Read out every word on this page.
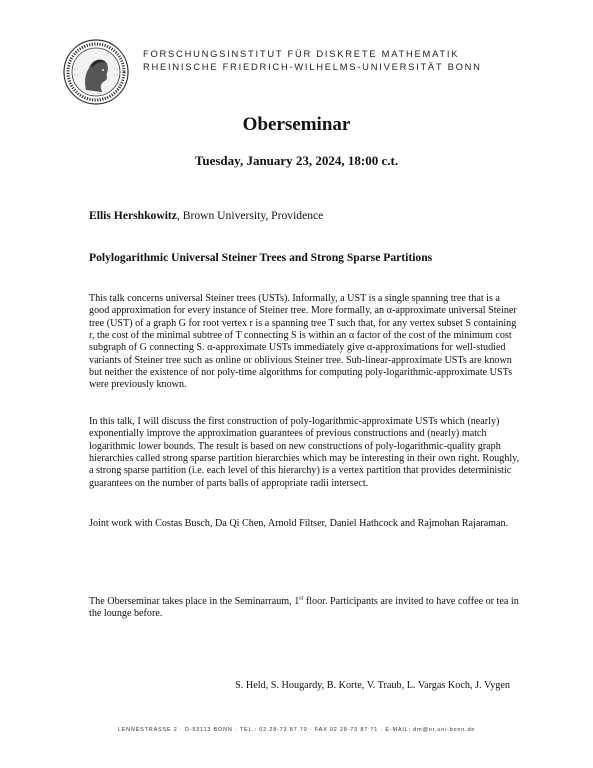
FORSCHUNGSINSTITUT FÜR DISKRETE MATHEMATIK
RHEINISCHE FRIEDRICH-WILHELMS-UNIVERSITÄT BONN
Oberseminar
Tuesday, January 23, 2024, 18:00 c.t.
Ellis Hershkowitz, Brown University, Providence
Polylogarithmic Universal Steiner Trees and Strong Sparse Partitions

This talk concerns universal Steiner trees (USTs). Informally, a UST is a single spanning tree that is a good approximation for every instance of Steiner tree. More formally, an α-approximate universal Steiner tree (UST) of a graph G for root vertex r is a spanning tree T such that, for any vertex subset S containing r, the cost of the minimal subtree of T connecting S is within an α factor of the cost of the minimum cost subgraph of G connecting S. α-approximate USTs immediately give α-approximations for well-studied variants of Steiner tree such as online or oblivious Steiner tree. Sub-linear-approximate USTs are known but neither the existence of nor poly-time algorithms for computing poly-logarithmic-approximate USTs were previously known.

In this talk, I will discuss the first construction of poly-logarithmic-approximate USTs which (nearly) exponentially improve the approximation guarantees of previous constructions and (nearly) match logarithmic lower bounds. The result is based on new constructions of poly-logarithmic-quality graph hierarchies called strong sparse partition hierarchies which may be interesting in their own right. Roughly, a strong sparse partition (i.e. each level of this hierarchy) is a vertex partition that provides deterministic guarantees on the number of parts balls of appropriate radii intersect.

Joint work with Costas Busch, Da Qi Chen, Arnold Filtser, Daniel Hathcock and Rajmohan Rajaraman.

The Oberseminar takes place in the Seminarraum, 1st floor. Participants are invited to have coffee or tea in the lounge before.

S. Held, S. Hougardy, B. Korte, V. Traub, L. Vargas Koch, J. Vygen
LENNÉSTRASSE 2 · D-53113 BONN · TEL.: 02 28-73 87 70 · FAX 02 28-73 87 71 · E-MAIL: dm@or.uni-bonn.de
